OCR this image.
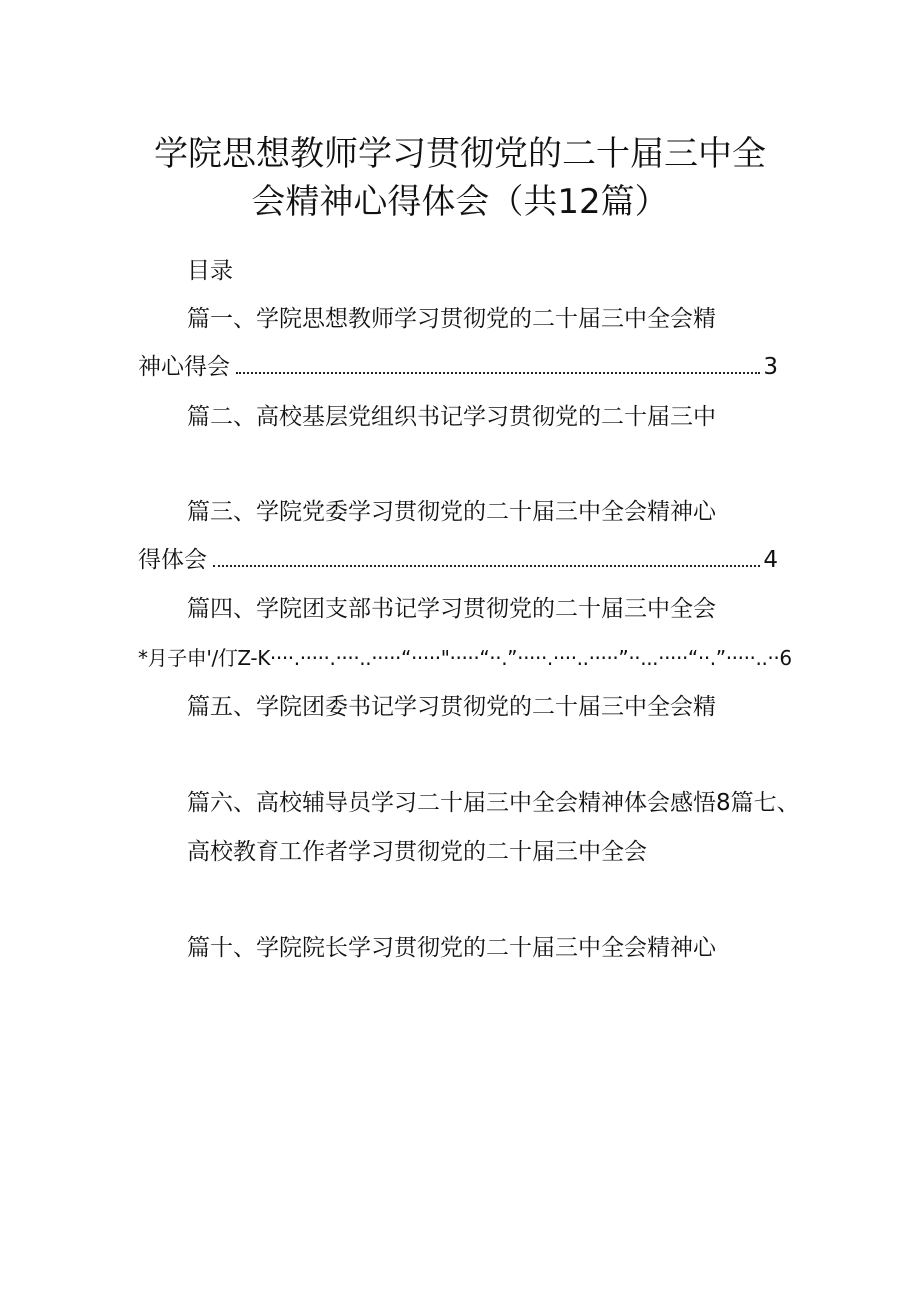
学院思想教师学习贯彻党的二十届三中全
会精神心得体会（共12篇）
目录
篇一、学院思想教师学习贯彻党的二十届三中全会精
神心得会	3
篇二、高校基层党组织书记学习贯彻党的二十届三中
篇三、学院党委学习贯彻党的二十届三中全会精神心
得体会	4
篇四、学院团支部书记学习贯彻党的二十届三中全会
*月子申'/仃Z-K····.·····.····..·····“·····"·····“··.”·····.····..·····”··...·····“··.”·····..··6
篇五、学院团委书记学习贯彻党的二十届三中全会精
篇六、高校辅导员学习二十届三中全会精神体会感悟8篇七、
高校教育工作者学习贯彻党的二十届三中全会
篇十、学院院长学习贯彻党的二十届三中全会精神心
